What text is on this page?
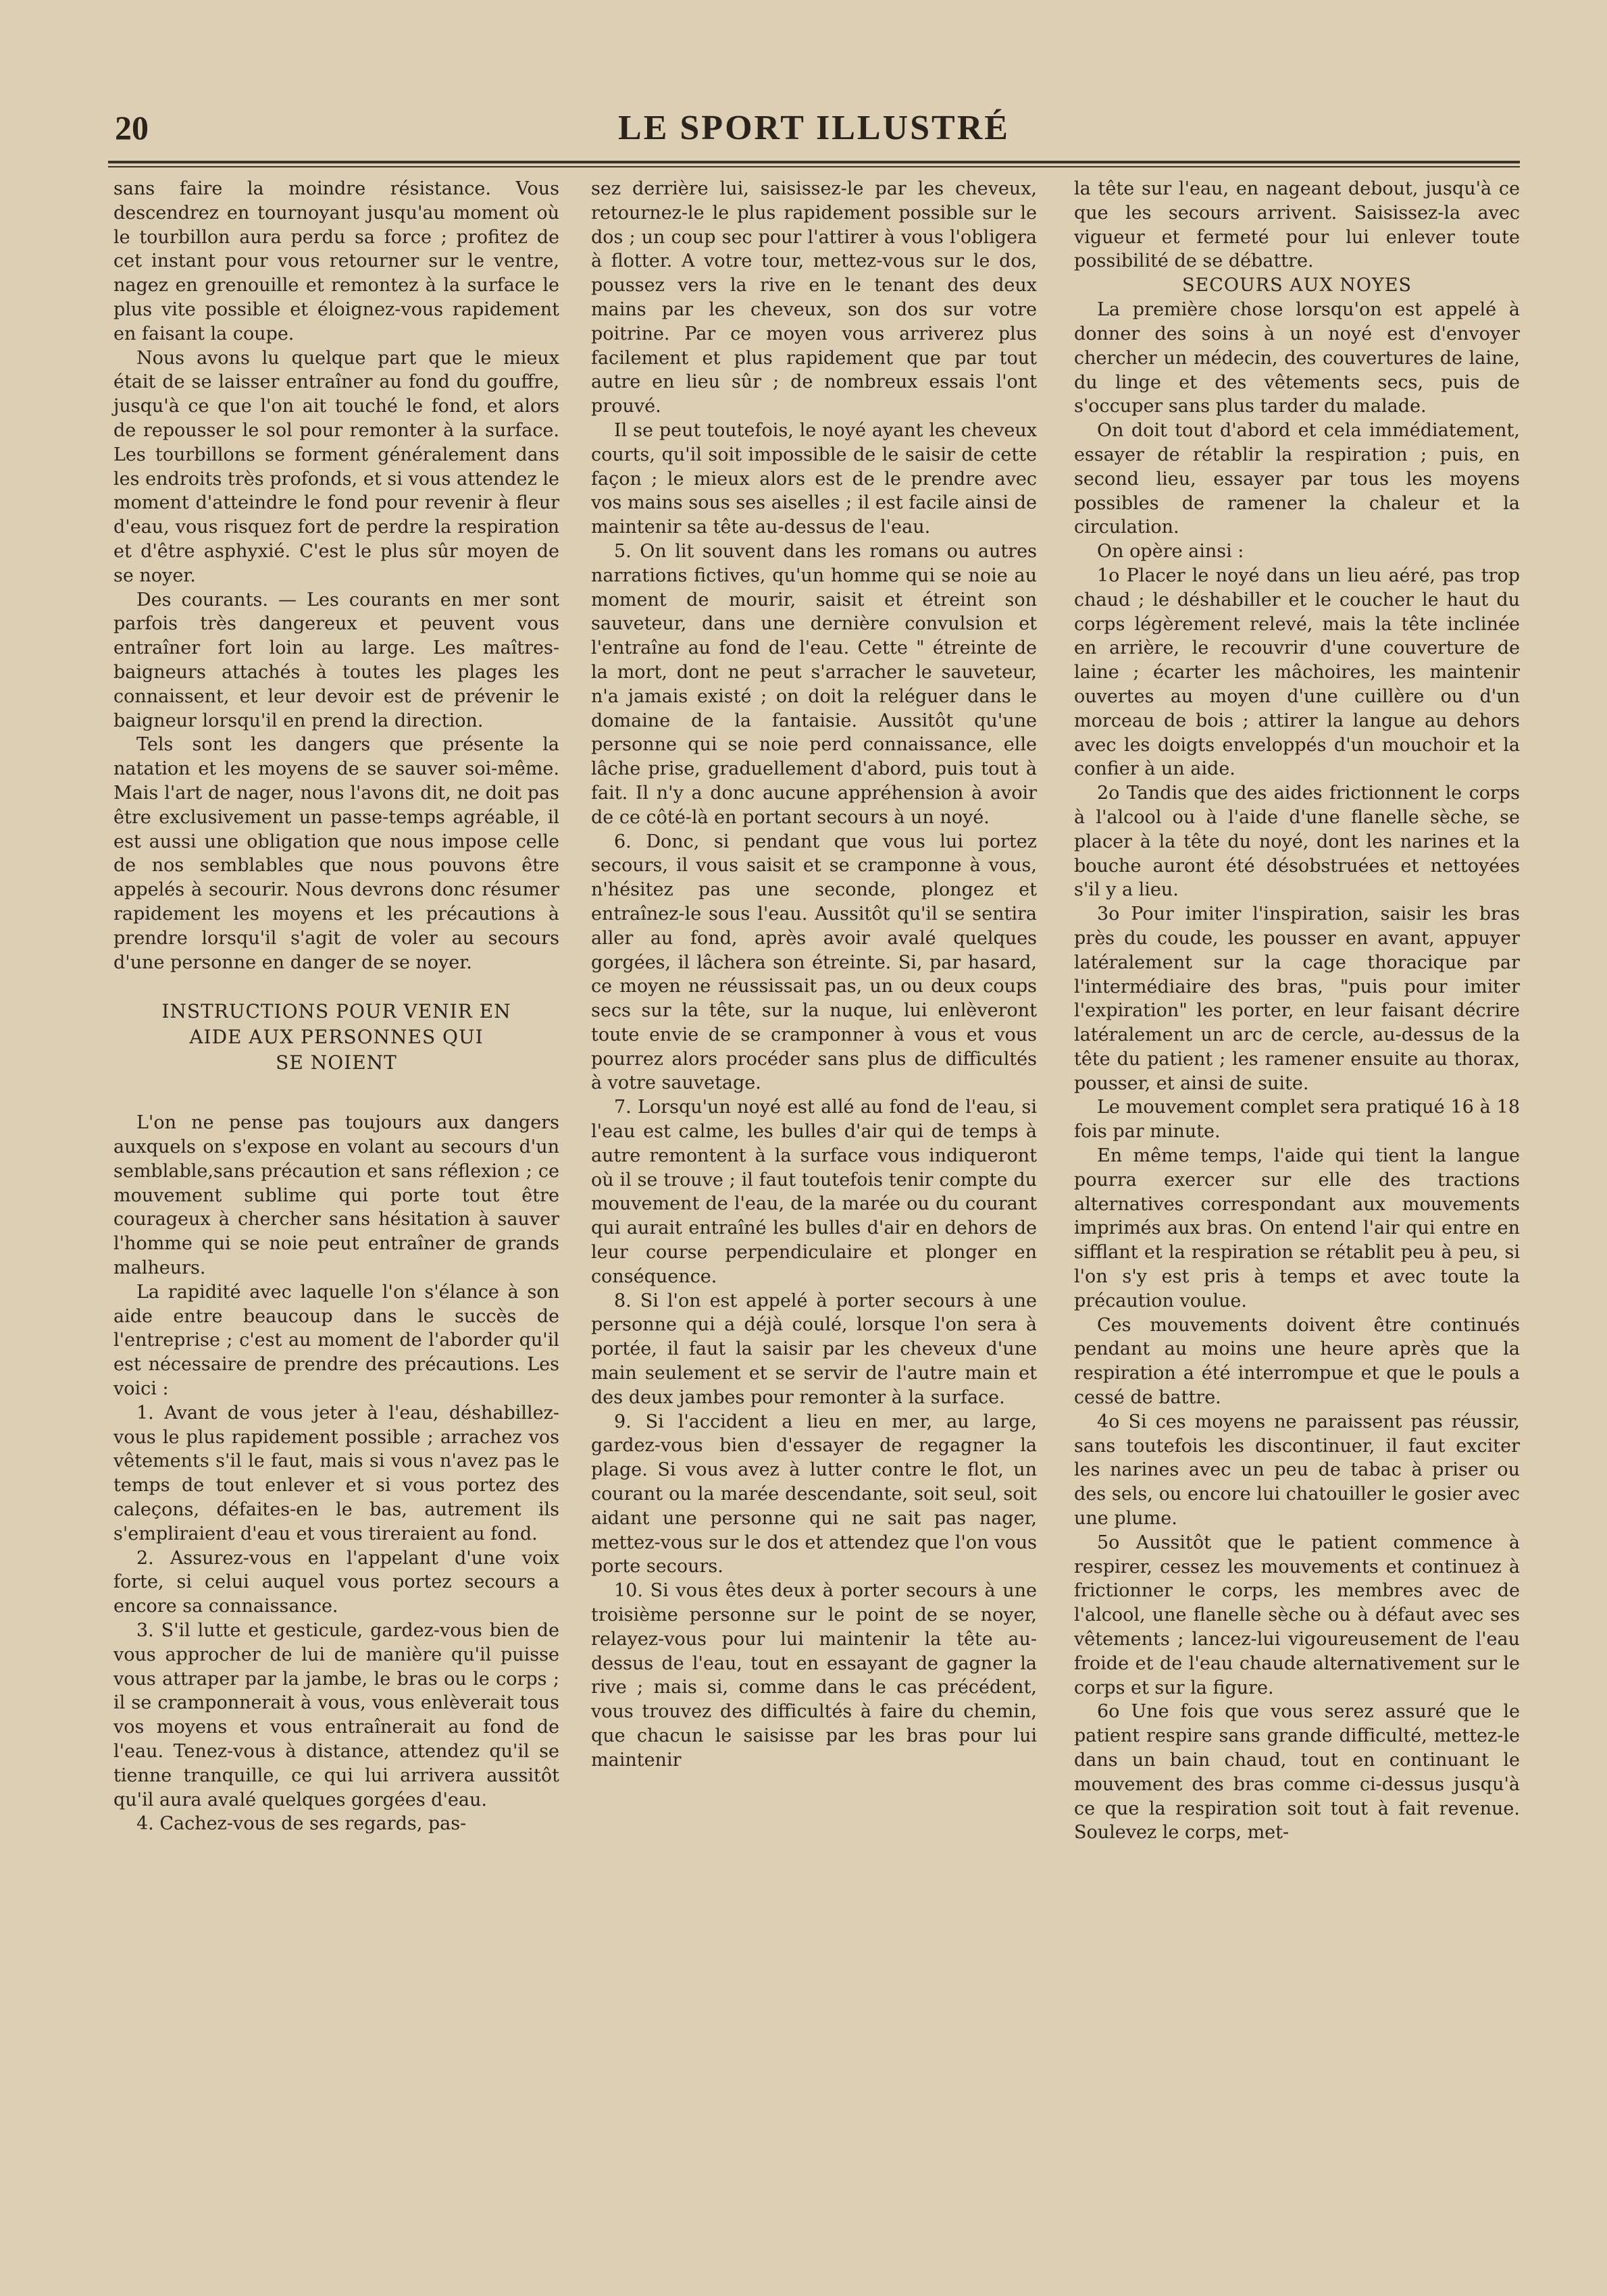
20	LE SPORT ILLUSTRÉ

sans faire la moindre résistance. Vous descendrez en tournoyant jusqu'au moment où le tourbillon aura perdu sa force ; profitez de cet instant pour vous retourner sur le ventre, nagez en grenouille et remontez à la surface le plus vite possible et éloignez-vous rapidement en faisant la coupe.

Nous avons lu quelque part que le mieux était de se laisser entraîner au fond du gouffre, jusqu'à ce que l'on ait touché le fond, et alors de repousser le sol pour remonter à la surface. Les tourbillons se forment généralement dans les endroits très profonds, et si vous attendez le moment d'atteindre le fond pour revenir à fleur d'eau, vous risquez fort de perdre la respiration et d'être asphyxié. C'est le plus sûr moyen de se noyer.

Des courants. — Les courants en mer sont parfois très dangereux et peuvent vous entraîner fort loin au large. Les maîtres-baigneurs attachés à toutes les plages les connaissent, et leur devoir est de prévenir le baigneur lorsqu'il en prend la direction.

Tels sont les dangers que présente la natation et les moyens de se sauver soi-même. Mais l'art de nager, nous l'avons dit, ne doit pas être exclusivement un passe-temps agréable, il est aussi une obligation que nous impose celle de nos semblables que nous pouvons être appelés à secourir. Nous devrons donc résumer rapidement les moyens et les précautions à prendre lorsqu'il s'agit de voler au secours d'une personne en danger de se noyer.

INSTRUCTIONS POUR VENIR EN
AIDE AUX PERSONNES QUI
SE NOIENT

L'on ne pense pas toujours aux dangers auxquels on s'expose en volant au secours d'un semblable,sans précaution et sans réflexion ; ce mouvement sublime qui porte tout être courageux à chercher sans hésitation à sauver l'homme qui se noie peut entraîner de grands malheurs.

La rapidité avec laquelle l'on s'élance à son aide entre beaucoup dans le succès de l'entreprise ; c'est au moment de l'aborder qu'il est nécessaire de prendre des précautions. Les voici :

1. Avant de vous jeter à l'eau, déshabillez-vous le plus rapidement possible ; arrachez vos vêtements s'il le faut, mais si vous n'avez pas le temps de tout enlever et si vous portez des caleçons, défaites-en le bas, autrement ils s'empliraient d'eau et vous tireraient au fond.

2. Assurez-vous en l'appelant d'une voix forte, si celui auquel vous portez secours a encore sa connaissance.

3. S'il lutte et gesticule, gardez-vous bien de vous approcher de lui de manière qu'il puisse vous attraper par la jambe, le bras ou le corps ; il se cramponnerait à vous, vous enlèverait tous vos moyens et vous entraînerait au fond de l'eau. Tenez-vous à distance, attendez qu'il se tienne tranquille, ce qui lui arrivera aussitôt qu'il aura avalé quelques gorgées d'eau.

4. Cachez-vous de ses regards, pas-

sez derrière lui, saisissez-le par les cheveux, retournez-le le plus rapidement possible sur le dos ; un coup sec pour l'attirer à vous l'obligera à flotter. A votre tour, mettez-vous sur le dos, poussez vers la rive en le tenant des deux mains par les cheveux, son dos sur votre poitrine. Par ce moyen vous arriverez plus facilement et plus rapidement que par tout autre en lieu sûr ; de nombreux essais l'ont prouvé.

Il se peut toutefois, le noyé ayant les cheveux courts, qu'il soit impossible de le saisir de cette façon ; le mieux alors est de le prendre avec vos mains sous ses aiselles ; il est facile ainsi de maintenir sa tête au-dessus de l'eau.

5. On lit souvent dans les romans ou autres narrations fictives, qu'un homme qui se noie au moment de mourir, saisit et étreint son sauveteur, dans une dernière convulsion et l'entraîne au fond de l'eau. Cette " étreinte de la mort, dont ne peut s'arracher le sauveteur, n'a jamais existé ; on doit la reléguer dans le domaine de la fantaisie. Aussitôt qu'une personne qui se noie perd connaissance, elle lâche prise, graduellement d'abord, puis tout à fait. Il n'y a donc aucune appréhension à avoir de ce côté-là en portant secours à un noyé.

6. Donc, si pendant que vous lui portez secours, il vous saisit et se cramponne à vous, n'hésitez pas une seconde, plongez et entraînez-le sous l'eau. Aussitôt qu'il se sentira aller au fond, après avoir avalé quelques gorgées, il lâchera son étreinte. Si, par hasard, ce moyen ne réussissait pas, un ou deux coups secs sur la tête, sur la nuque, lui enlèveront toute envie de se cramponner à vous et vous pourrez alors procéder sans plus de difficultés à votre sauvetage.

7. Lorsqu'un noyé est allé au fond de l'eau, si l'eau est calme, les bulles d'air qui de temps à autre remontent à la surface vous indiqueront où il se trouve ; il faut toutefois tenir compte du mouvement de l'eau, de la marée ou du courant qui aurait entraîné les bulles d'air en dehors de leur course perpendiculaire et plonger en conséquence.

8. Si l'on est appelé à porter secours à une personne qui a déjà coulé, lorsque l'on sera à portée, il faut la saisir par les cheveux d'une main seulement et se servir de l'autre main et des deux jambes pour remonter à la surface.

9. Si l'accident a lieu en mer, au large, gardez-vous bien d'essayer de regagner la plage. Si vous avez à lutter contre le flot, un courant ou la marée descendante, soit seul, soit aidant une personne qui ne sait pas nager, mettez-vous sur le dos et attendez que l'on vous porte secours.

10. Si vous êtes deux à porter secours à une troisième personne sur le point de se noyer, relayez-vous pour lui maintenir la tête au-dessus de l'eau, tout en essayant de gagner la rive ; mais si, comme dans le cas précédent, vous trouvez des difficultés à faire du chemin, que chacun le saisisse par les bras pour lui maintenir

la tête sur l'eau, en nageant debout, jusqu'à ce que les secours arrivent. Saisissez-la avec vigueur et fermeté pour lui enlever toute possibilité de se débattre.

SECOURS AUX NOYES

La première chose lorsqu'on est appelé à donner des soins à un noyé est d'envoyer chercher un médecin, des couvertures de laine, du linge et des vêtements secs, puis de s'occuper sans plus tarder du malade.

On doit tout d'abord et cela immédiatement, essayer de rétablir la respiration ; puis, en second lieu, essayer par tous les moyens possibles de ramener la chaleur et la circulation.

On opère ainsi :

1o Placer le noyé dans un lieu aéré, pas trop chaud ; le déshabiller et le coucher le haut du corps légèrement relevé, mais la tête inclinée en arrière, le recouvrir d'une couverture de laine ; écarter les mâchoires, les maintenir ouvertes au moyen d'une cuillère ou d'un morceau de bois ; attirer la langue au dehors avec les doigts enveloppés d'un mouchoir et la confier à un aide.

2o Tandis que des aides frictionnent le corps à l'alcool ou à l'aide d'une flanelle sèche, se placer à la tête du noyé, dont les narines et la bouche auront été désobstruées et nettoyées s'il y a lieu.

3o Pour imiter l'inspiration, saisir les bras près du coude, les pousser en avant, appuyer latéralement sur la cage thoracique par l'intermédiaire des bras, "puis pour imiter l'expiration" les porter, en leur faisant décrire latéralement un arc de cercle, au-dessus de la tête du patient ; les ramener ensuite au thorax, pousser, et ainsi de suite.

Le mouvement complet sera pratiqué 16 à 18 fois par minute.

En même temps, l'aide qui tient la langue pourra exercer sur elle des tractions alternatives correspondant aux mouvements imprimés aux bras. On entend l'air qui entre en sifflant et la respiration se rétablit peu à peu, si l'on s'y est pris à temps et avec toute la précaution voulue.

Ces mouvements doivent être continués pendant au moins une heure après que la respiration a été interrompue et que le pouls a cessé de battre.

4o Si ces moyens ne paraissent pas réussir, sans toutefois les discontinuer, il faut exciter les narines avec un peu de tabac à priser ou des sels, ou encore lui chatouiller le gosier avec une plume.

5o Aussitôt que le patient commence à respirer, cessez les mouvements et continuez à frictionner le corps, les membres avec de l'alcool, une flanelle sèche ou à défaut avec ses vêtements ; lancez-lui vigoureusement de l'eau froide et de l'eau chaude alternativement sur le corps et sur la figure.

6o Une fois que vous serez assuré que le patient respire sans grande difficulté, mettez-le dans un bain chaud, tout en continuant le mouvement des bras comme ci-dessus jusqu'à ce que la respiration soit tout à fait revenue. Soulevez le corps, met-
